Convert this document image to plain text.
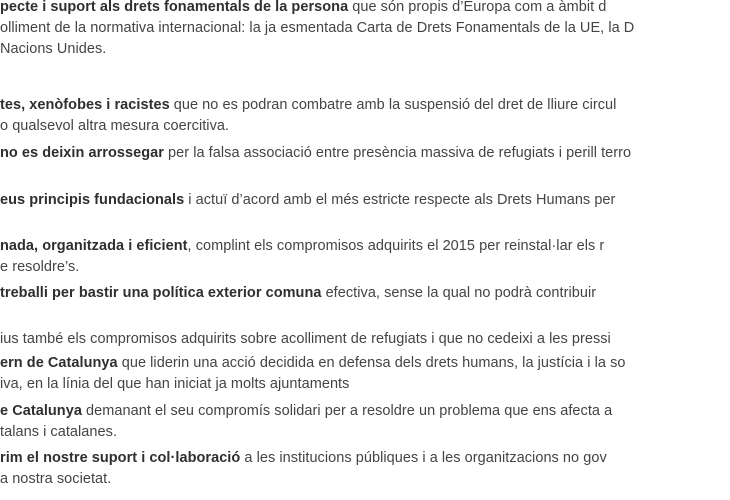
pecte i suport als drets fonamentals de la persona que són propis d’Europa com a àmbit d
olliment de la normativa internacional: la ja esmentada Carta de Drets Fonamentals de la UE, la D
Nacions Unides.
tes, xenòfobes i racistes que no es podran combatre amb la suspensió del dret de lliure circul
o qualsevol altra mesura coercitiva.
no es deixin arrossegar per la falsa associació entre presència massiva de refugiats i perill terro
eus principis fundacionals i actuï d’acord amb el més estricte respecte als Drets Humans per
nada, organitzada i eficient, complint els compromisos adquirits el 2015 per reinstal·lar els r
e resoldre’s.
treballi per bastir una política exterior comuna efectiva, sense la qual no podrà contribuir
ius també els compromisos adquirits sobre acolliment de refugiats i que no cedeixi a les pressi
ern de Catalunya que liderin una acció decidida en defensa dels drets humans, la justícia i la so
iva, en la línia del que han iniciat ja molts ajuntaments
e Catalunya demanant el seu compromís solidari per a resoldre un problema que ens afecta a
talans i catalanes.
rim el nostre suport i col·laboració a les institucions públiques i a les organitzacions no gov
a nostra societat.
